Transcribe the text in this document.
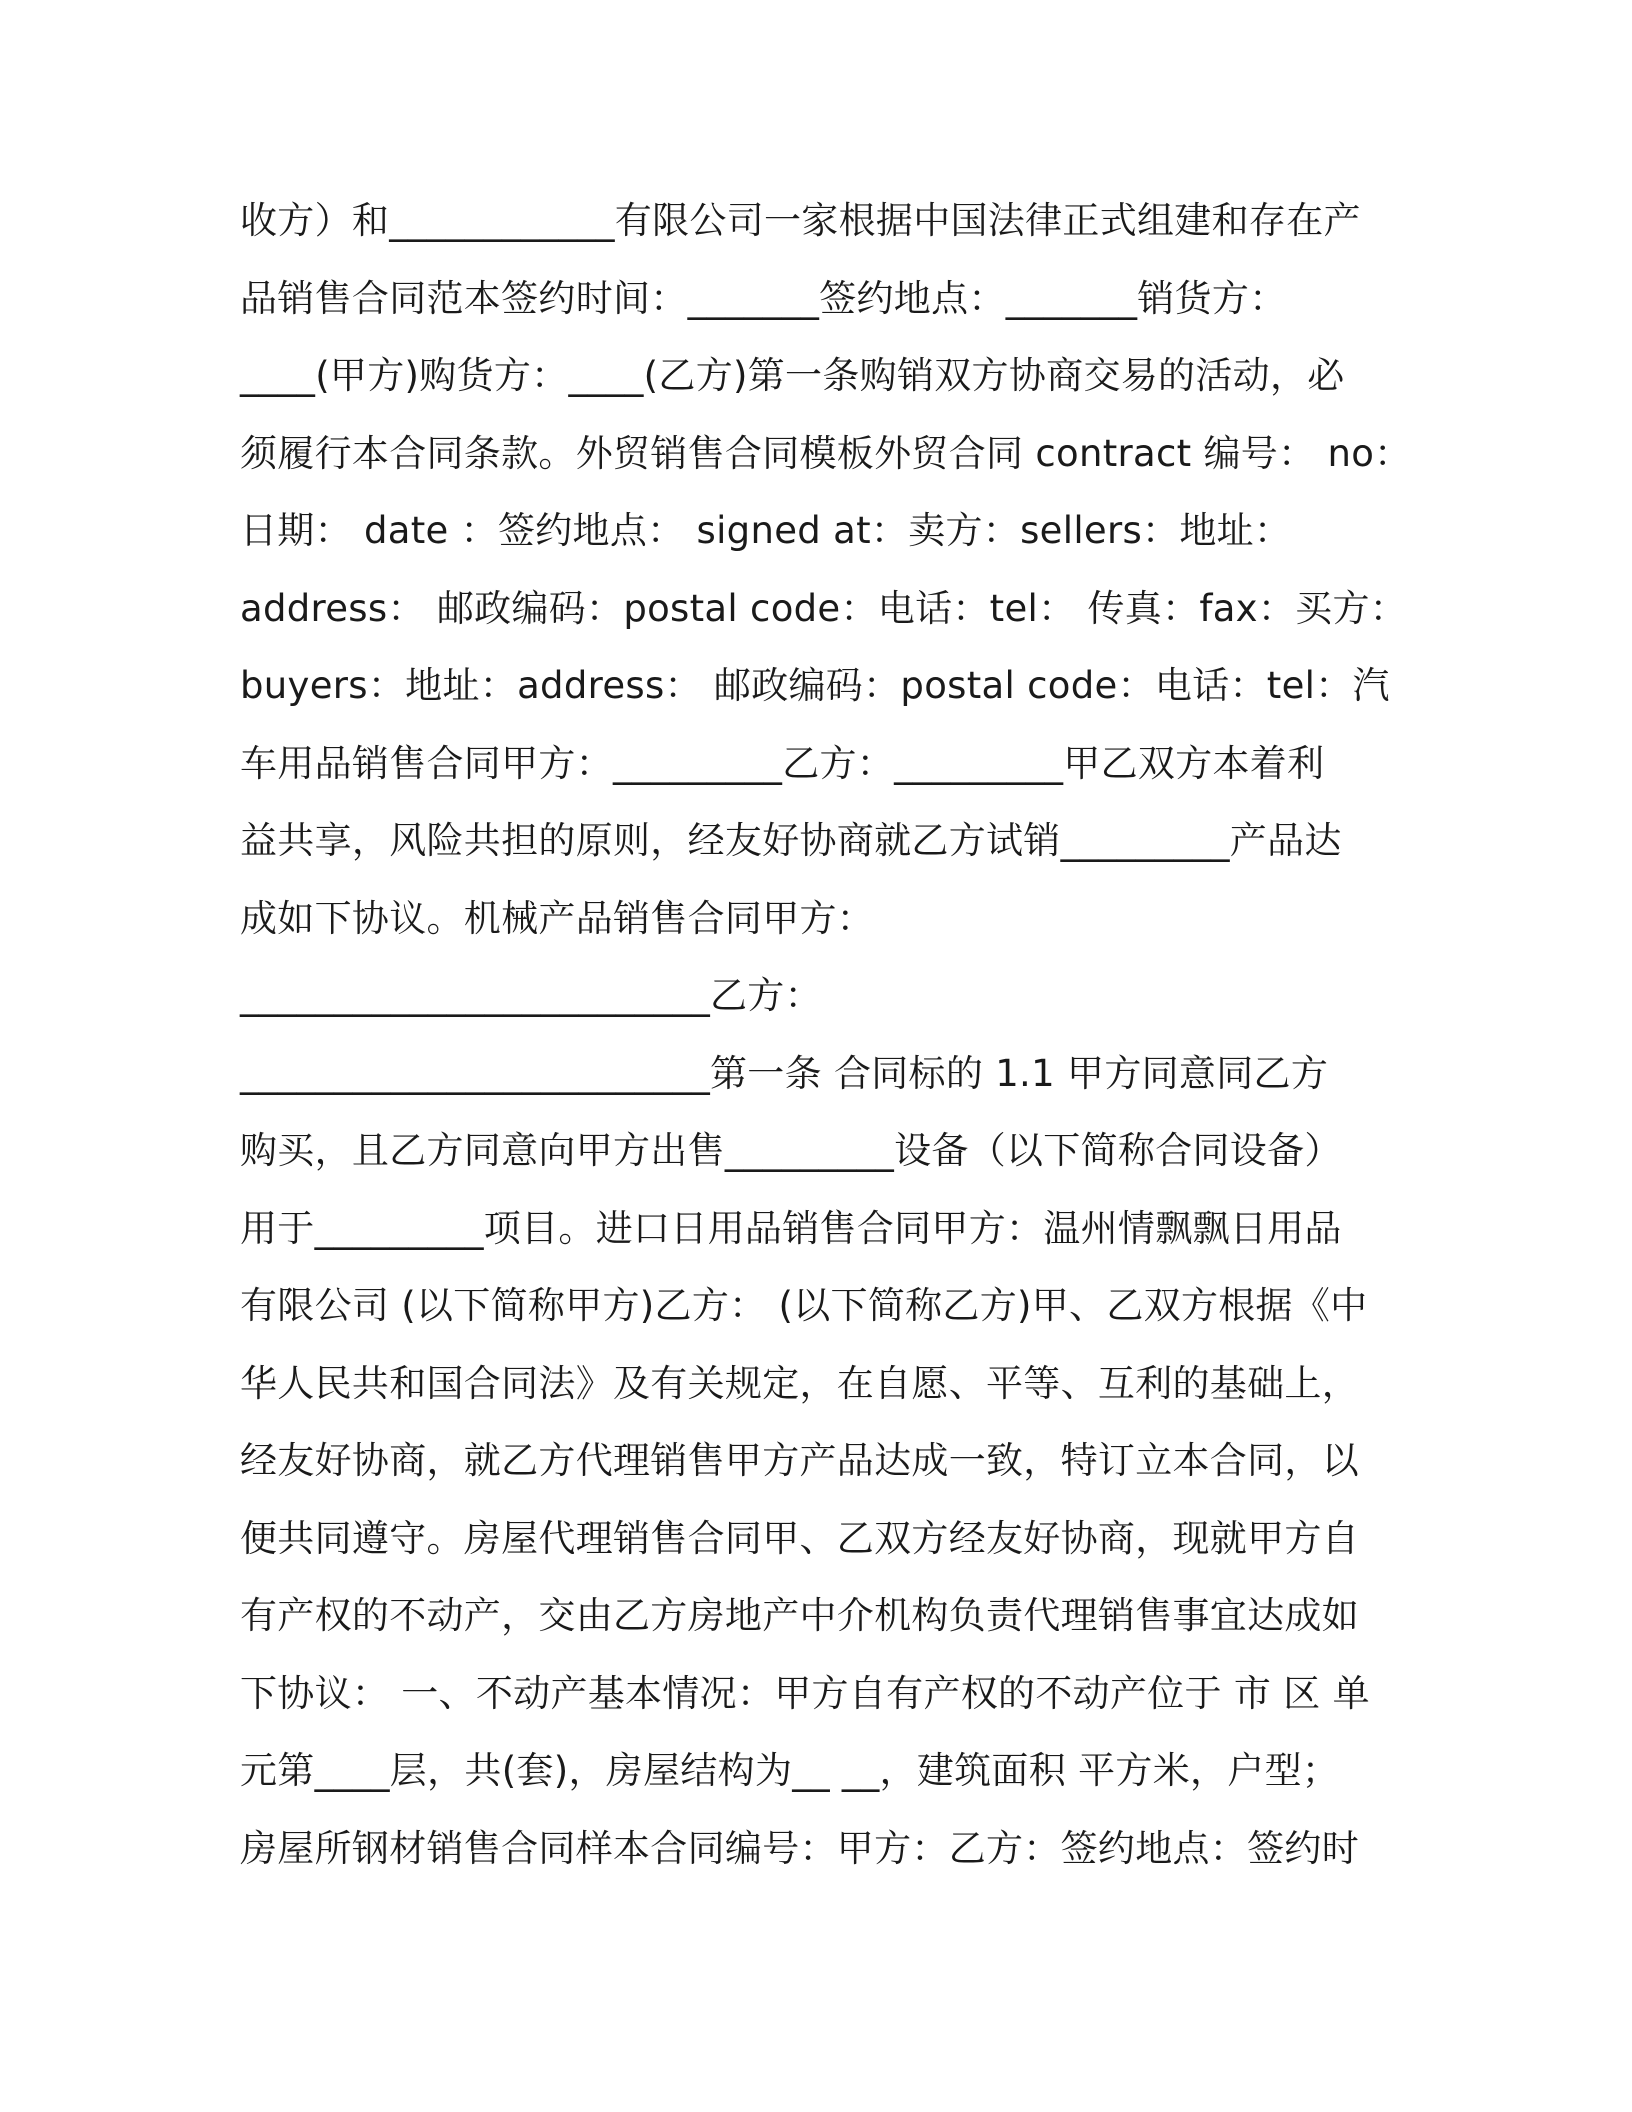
收方）和____________有限公司一家根据中国法律正式组建和存在产
品销售合同范本签约时间：_______签约地点：_______销货方：
____(甲方)购货方：____(乙方)第一条购销双方协商交易的活动，必
须履行本合同条款。外贸销售合同模板外贸合同 contract 编号： no：
日期： date ：签约地点： signed at：卖方：sellers：地址：
address： 邮政编码：postal code：电话：tel： 传真：fax：买方：
buyers：地址：address： 邮政编码：postal code：电话：tel：汽
车用品销售合同甲方：_________乙方：_________甲乙双方本着利
益共享，风险共担的原则，经友好协商就乙方试销_________产品达
成如下协议。机械产品销售合同甲方：
_________________________乙方：
_________________________第一条 合同标的 1.1 甲方同意同乙方
购买，且乙方同意向甲方出售_________设备（以下简称合同设备）
用于_________项目。进口日用品销售合同甲方：温州情飘飘日用品
有限公司 (以下简称甲方)乙方： (以下简称乙方)甲、乙双方根据《中
华人民共和国合同法》及有关规定，在自愿、平等、互利的基础上，
经友好协商，就乙方代理销售甲方产品达成一致，特订立本合同，以
便共同遵守。房屋代理销售合同甲、乙双方经友好协商，现就甲方自
有产权的不动产，交由乙方房地产中介机构负责代理销售事宜达成如
下协议： 一、不动产基本情况：甲方自有产权的不动产位于 市 区 单
元第____层，共(套)，房屋结构为__ __，建筑面积 平方米，户型；
房屋所钢材销售合同样本合同编号：甲方：乙方：签约地点：签约时
